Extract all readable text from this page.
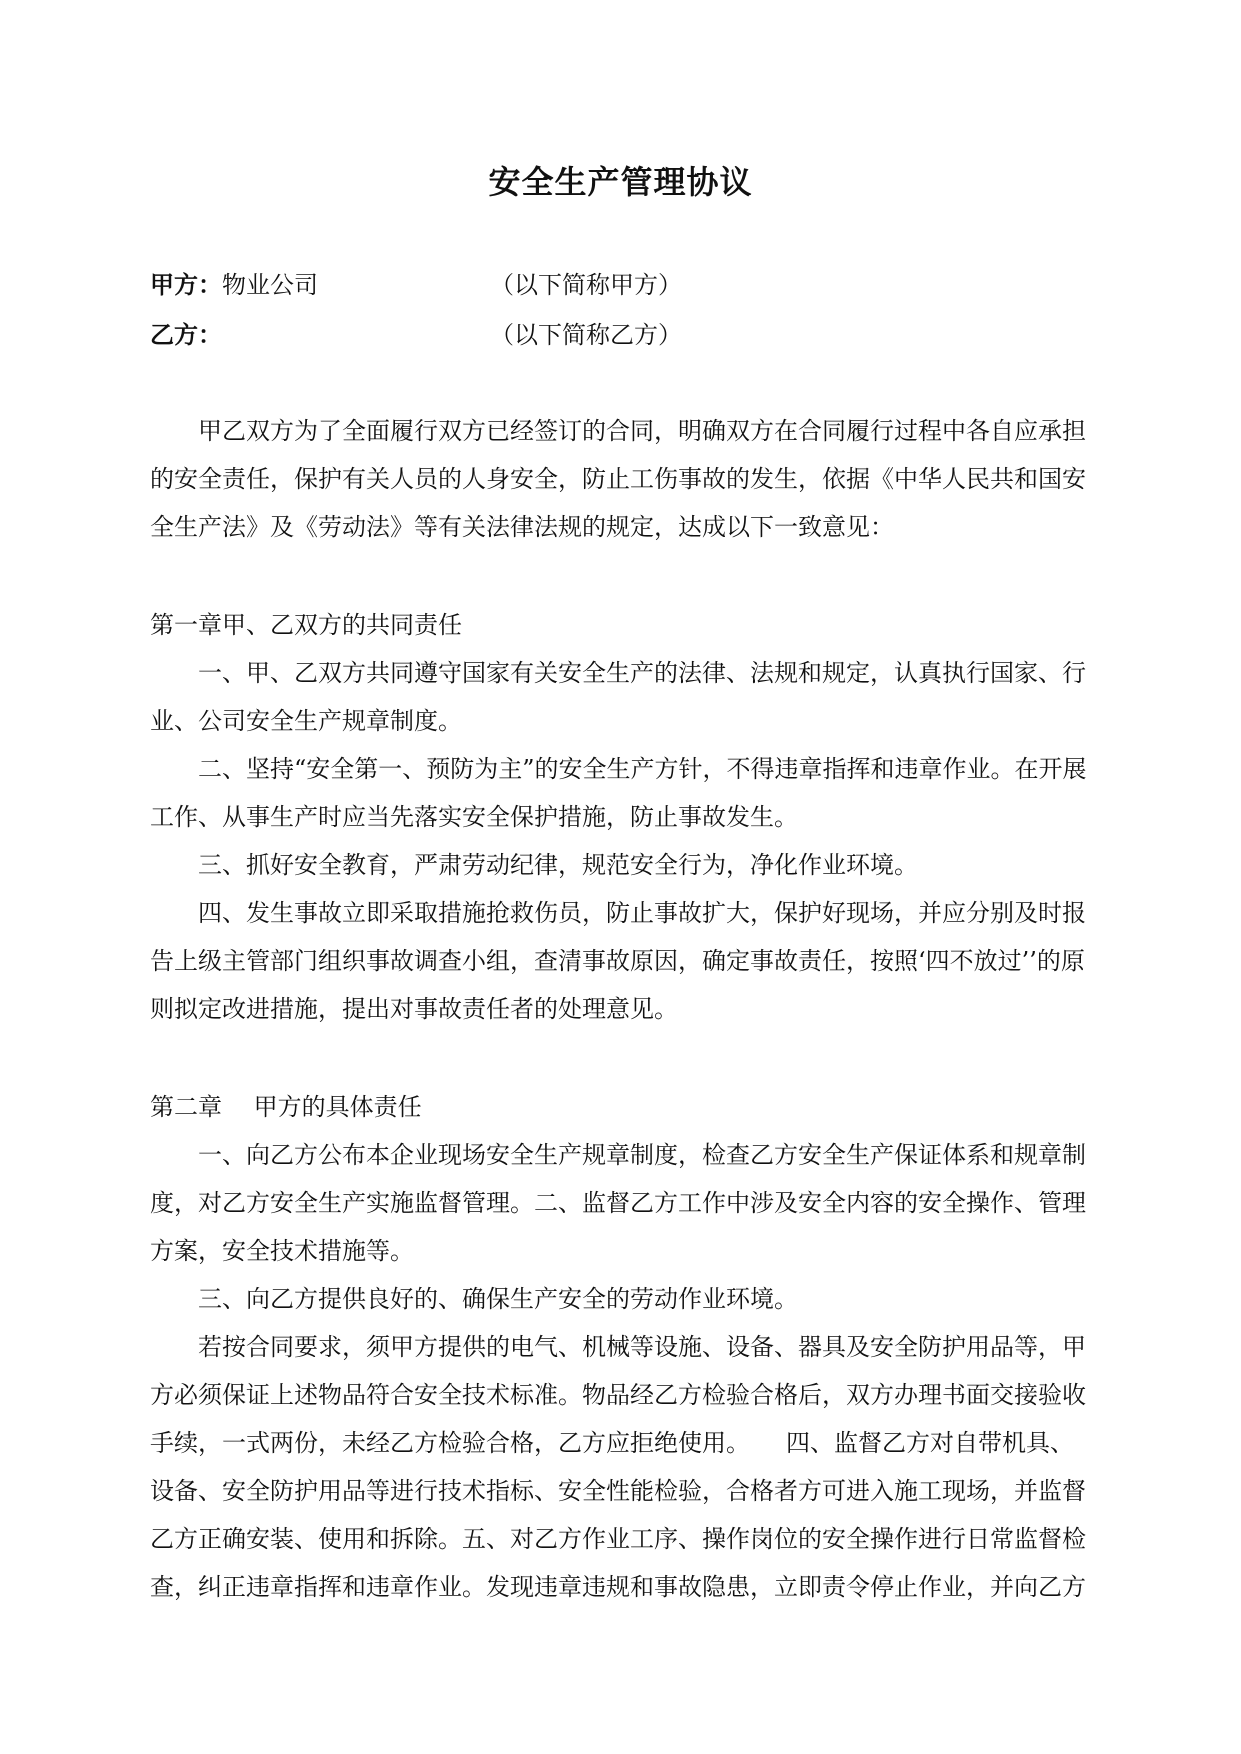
安全生产管理协议
甲方：物业公司	（以下简称甲方）
乙方：	（以下简称乙方）
　　甲乙双方为了全面履行双方已经签订的合同，明确双方在合同履行过程中各自应承担
的安全责任，保护有关人员的人身安全，防止工伤事故的发生，依据《中华人民共和国安
全生产法》及《劳动法》等有关法律法规的规定，达成以下一致意见：
第一章甲、乙双方的共同责任
　　一、甲、乙双方共同遵守国家有关安全生产的法律、法规和规定，认真执行国家、行
业、公司安全生产规章制度。
　　二、坚持“安全第一、预防为主”的安全生产方针，不得违章指挥和违章作业。在开展
工作、从事生产时应当先落实安全保护措施，防止事故发生。
　　三、抓好安全教育，严肃劳动纪律，规范安全行为，净化作业环境。
　　四、发生事故立即采取措施抢救伤员，防止事故扩大，保护好现场，并应分别及时报
告上级主管部门组织事故调查小组，查清事故原因，确定事故责任，按照‘四不放过’’的原
则拟定改进措施，提出对事故责任者的处理意见。
第二章　 甲方的具体责任
　　一、向乙方公布本企业现场安全生产规章制度，检查乙方安全生产保证体系和规章制
度，对乙方安全生产实施监督管理。二、监督乙方工作中涉及安全内容的安全操作、管理
方案，安全技术措施等。
　　三、向乙方提供良好的、确保生产安全的劳动作业环境。
　　若按合同要求，须甲方提供的电气、机械等设施、设备、器具及安全防护用品等，甲
方必须保证上述物品符合安全技术标准。物品经乙方检验合格后，双方办理书面交接验收
手续，一式两份，未经乙方检验合格，乙方应拒绝使用。　　四、监督乙方对自带机具、
设备、安全防护用品等进行技术指标、安全性能检验，合格者方可进入施工现场，并监督
乙方正确安装、使用和拆除。五、对乙方作业工序、操作岗位的安全操作进行日常监督检
查，纠正违章指挥和违章作业。发现违章违规和事故隐患，立即责令停止作业，并向乙方
